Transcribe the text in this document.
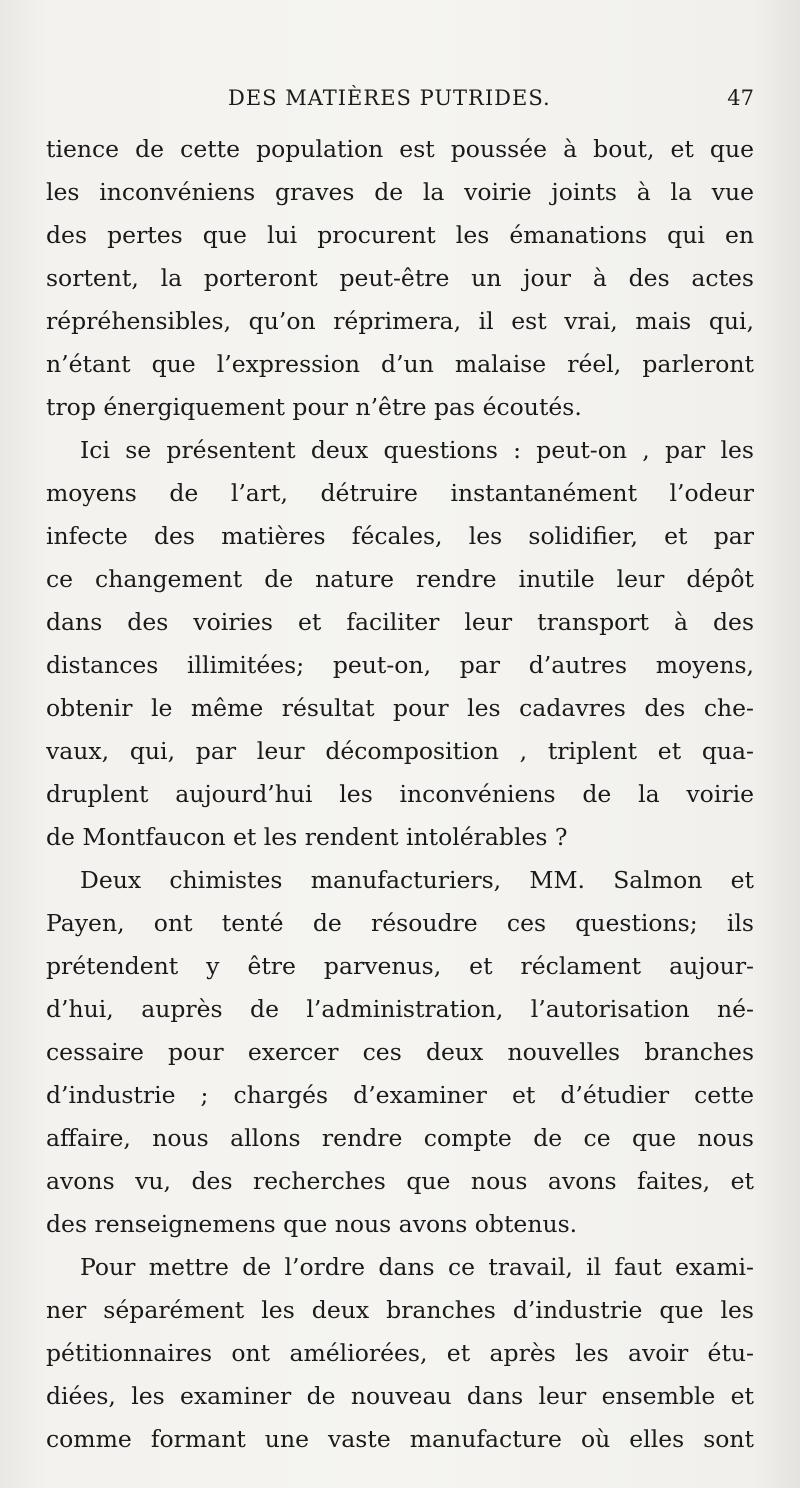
DES MATIÈRES PUTRIDES.	47
tience de cette population est poussée à bout, et que
les inconvéniens graves de la voirie joints à la vue
des pertes que lui procurent les émanations qui en
sortent, la porteront peut-être un jour à des actes
répréhensibles, qu’on réprimera, il est vrai, mais qui,
n’étant que l’expression d’un malaise réel, parleront
trop énergiquement pour n’être pas écoutés.
Ici se présentent deux questions : peut-on , par les
moyens de l’art, détruire instantanément l’odeur
infecte des matières fécales, les solidifier, et par
ce changement de nature rendre inutile leur dépôt
dans des voiries et faciliter leur transport à des
distances illimitées; peut-on, par d’autres moyens,
obtenir le même résultat pour les cadavres des che-
vaux, qui, par leur décomposition , triplent et qua-
druplent aujourd’hui les inconvéniens de la voirie
de Montfaucon et les rendent intolérables ?
Deux chimistes manufacturiers, MM. Salmon et
Payen, ont tenté de résoudre ces questions; ils
prétendent y être parvenus, et réclament aujour-
d’hui, auprès de l’administration, l’autorisation né-
cessaire pour exercer ces deux nouvelles branches
d’industrie ; chargés d’examiner et d’étudier cette
affaire, nous allons rendre compte de ce que nous
avons vu, des recherches que nous avons faites, et
des renseignemens que nous avons obtenus.
Pour mettre de l’ordre dans ce travail, il faut exami-
ner séparément les deux branches d’industrie que les
pétitionnaires ont améliorées, et après les avoir étu-
diées, les examiner de nouveau dans leur ensemble et
comme formant une vaste manufacture où elles sont
